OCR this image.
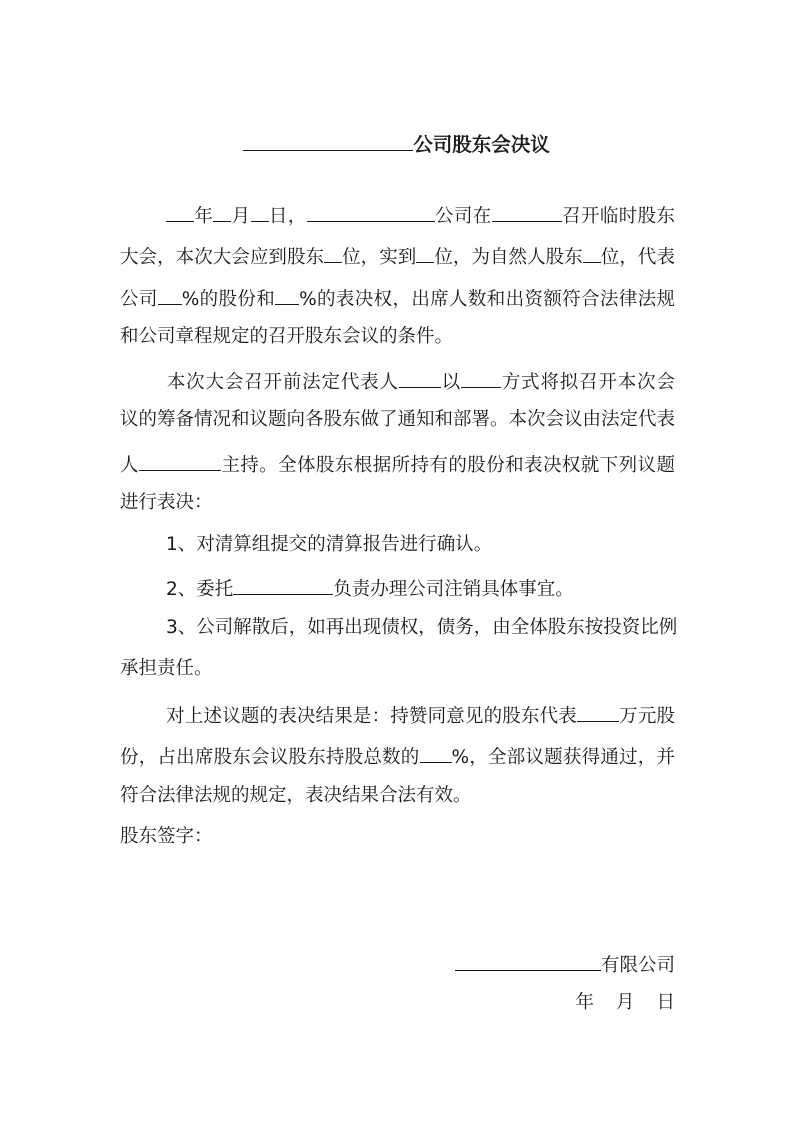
公司股东会决议
年 月 日，	公司在	召开临时股东
大会，本次大会应到股东 位，实到 位，为自然人股东 位，代表
公司 %的股份和 %的表决权，出席人数和出资额符合法律法规
和公司章程规定的召开股东会议的条件。
本次大会召开前法定代表人 以 方式将拟召开本次会
议的筹备情况和议题向各股东做了通知和部署。本次会议由法定代表
人	主持。全体股东根据所持有的股份和表决权就下列议题
进行表决：
1、对清算组提交的清算报告进行确认。
2、委托	负责办理公司注销具体事宜。
3、公司解散后，如再出现债权，债务，由全体股东按投资比例
承担责任。
对上述议题的表决结果是：持赞同意见的股东代表 万元股
份，占出席股东会议股东持股总数的 %，全部议题获得通过，并
符合法律法规的规定，表决结果合法有效。
股东签字：
有限公司
年 月 日
